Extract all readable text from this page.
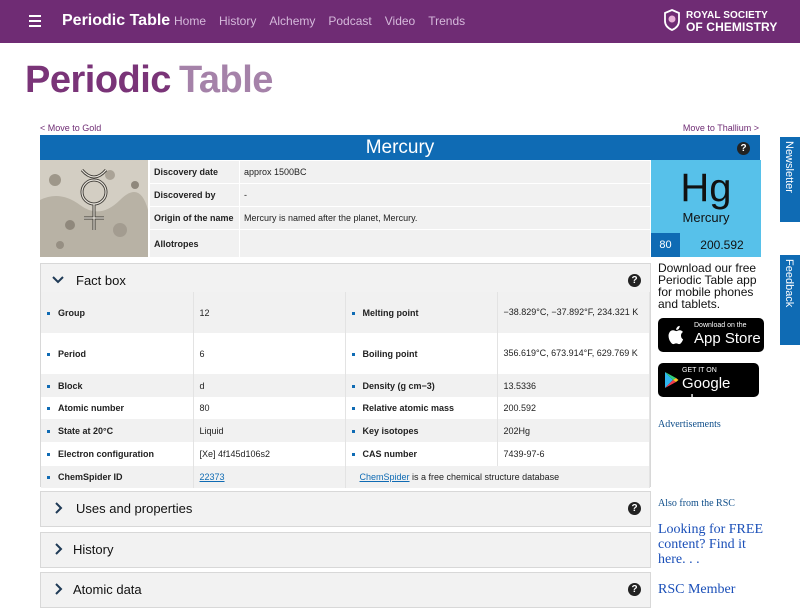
Periodic Table Home History Alchemy Podcast Video Trends	ROYAL SOCIETY
OF CHEMISTRY
Periodic Table
< Move to Gold	Move to Thallium >
Mercury	?
Discovery date	approx 1500BC
Discovered by	-
Origin of the name	Mercury is named after the planet, Mercury.
Allotropes	
Hg
Mercury
80	200.592
Fact box	?
Group	12	Melting point	−38.829°C, −37.892°F, 234.321 K
Period	6	Boiling point	356.619°C, 673.914°F, 629.769 K
Block	d	Density (g cm−3)	13.5336
Atomic number	80	Relative atomic mass	200.592
State at 20°C	Liquid	Key isotopes	202Hg
Electron configuration	[Xe] 4f145d106s2	CAS number	7439-97-6
ChemSpider ID	22373	ChemSpider is a free chemical structure database	
Uses and properties	?
History
Atomic data	?
Download our free Periodic Table app for mobile phones and tablets.
Download on the
App Store
GET IT ON
Google play
Advertisements
Also from the RSC
Looking for FREE content? Find it here. . .
RSC Member
Newsletter
Feedback
